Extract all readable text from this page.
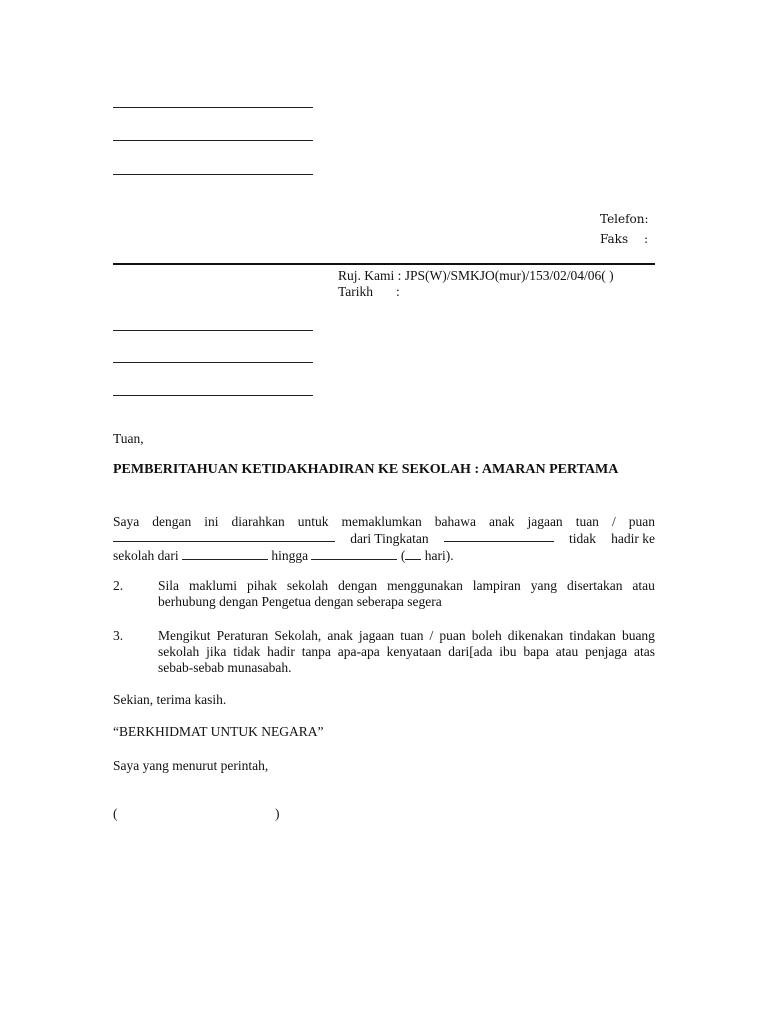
Telefon:
Faks :
Ruj. Kami : JPS(W)/SMKJO(mur)/153/02/04/06( )
Tarikh :
Tuan,
PEMBERITAHUAN KETIDAKHADIRAN KE SEKOLAH : AMARAN PERTAMA
Saya dengan ini diarahkan untuk memaklumkan bahawa anak jagaan tuan / puan
dari Tingkatan	tidak hadir ke
sekolah dari	hingga	( hari).
2.	Sila maklumi pihak sekolah dengan menggunakan lampiran yang disertakan atau
berhubung dengan Pengetua dengan seberapa segera
3.	Mengikut Peraturan Sekolah, anak jagaan tuan / puan boleh dikenakan tindakan buang
sekolah jika tidak hadir tanpa apa-apa kenyataan dari[ada ibu bapa atau penjaga atas
sebab-sebab munasabah.
Sekian, terima kasih.
“BERKHIDMAT UNTUK NEGARA”
Saya yang menurut perintah,
(	)
